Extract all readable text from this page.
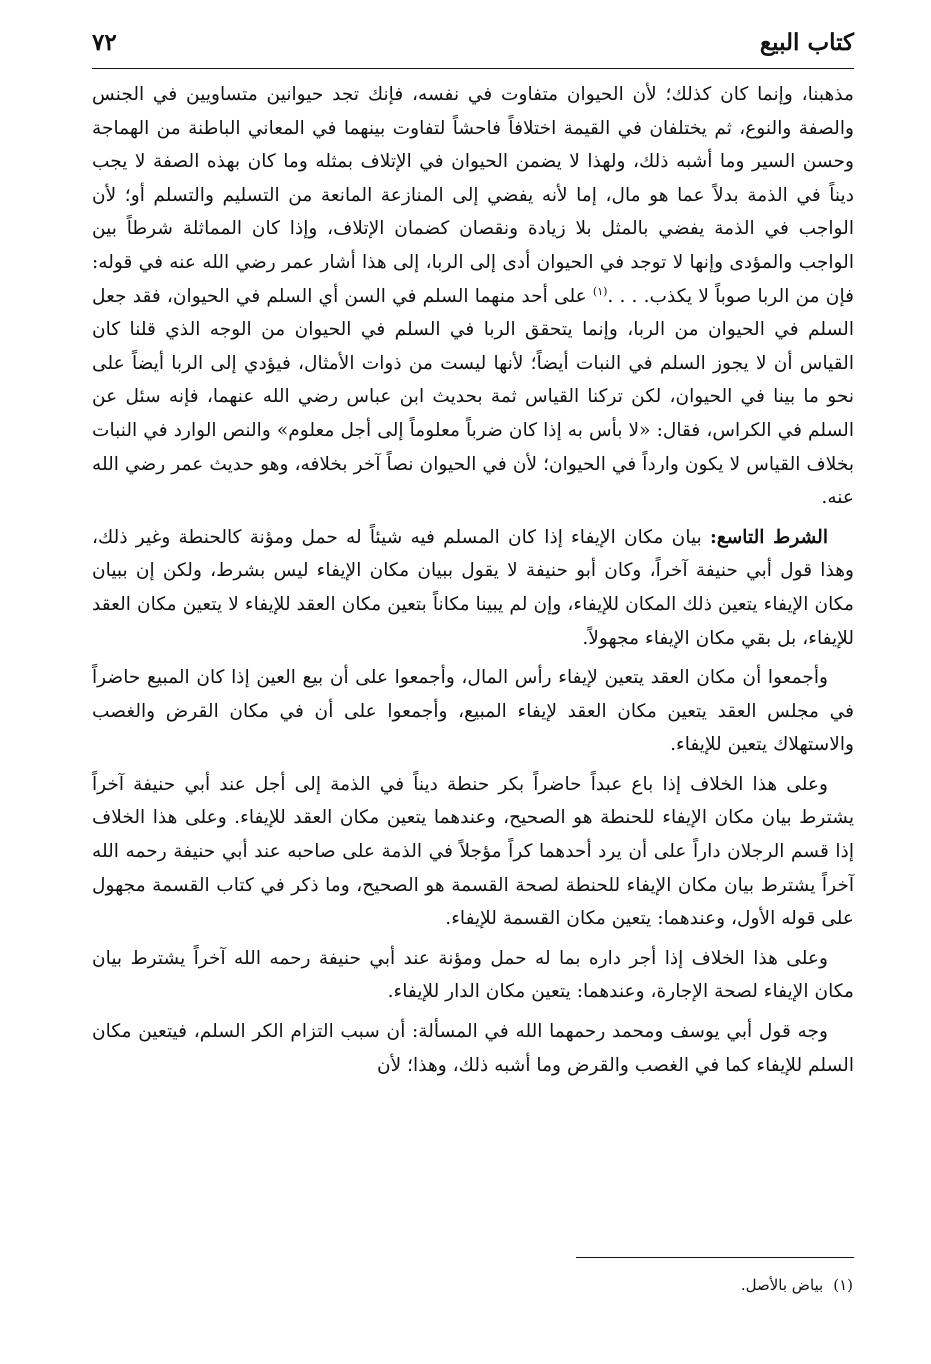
كتاب البيع
٧٢

مذهبنا، وإنما كان كذلك؛ لأن الحيوان متفاوت في نفسه، فإنك تجد حيوانين متساويين في الجنس والصفة والنوع، ثم يختلفان في القيمة اختلافاً فاحشاً لتفاوت بينهما في المعاني الباطنة من الهماجة وحسن السير وما أشبه ذلك، ولهذا لا يضمن الحيوان في الإتلاف بمثله وما كان بهذه الصفة لا يجب ديناً في الذمة بدلاً عما هو مال، إما لأنه يفضي إلى المنازعة المانعة من التسليم والتسلم أو؛ لأن الواجب في الذمة يفضي بالمثل بلا زيادة ونقصان كضمان الإتلاف، وإذا كان المماثلة شرطاً بين الواجب والمؤدى وإنها لا توجد في الحيوان أدى إلى الربا، إلى هذا أشار عمر رضي الله عنه في قوله: فإن من الربا صوباً لا يكذب. . . .$^{(١)}$ على أحد منهما السلم في السن أي السلم في الحيوان، فقد جعل السلم في الحيوان من الربا، وإنما يتحقق الربا في السلم في الحيوان من الوجه الذي قلنا كان القياس أن لا يجوز السلم في النبات أيضاً؛ لأنها ليست من ذوات الأمثال، فيؤدي إلى الربا أيضاً على نحو ما بينا في الحيوان، لكن تركنا القياس ثمة بحديث ابن عباس رضي الله عنهما، فإنه سئل عن السلم في الكراس، فقال: «لا بأس به إذا كان ضرباً معلوماً إلى أجل معلوم» والنص الوارد في النبات بخلاف القياس لا يكون وارداً في الحيوان؛ لأن في الحيوان نصاً آخر بخلافه، وهو حديث عمر رضي الله عنه.

الشرط التاسع: بيان مكان الإيفاء إذا كان المسلم فيه شيئاً له حمل ومؤنة كالحنطة وغير ذلك، وهذا قول أبي حنيفة آخراً، وكان أبو حنيفة لا يقول ببيان مكان الإيفاء ليس بشرط، ولكن إن ببيان مكان الإيفاء يتعين ذلك المكان للإيفاء، وإن لم يبينا مكاناً بتعين مكان العقد للإيفاء لا يتعين مكان العقد للإيفاء، بل بقي مكان الإيفاء مجهولاً.

وأجمعوا أن مكان العقد يتعين لإيفاء رأس المال، وأجمعوا على أن بيع العين إذا كان المبيع حاضراً في مجلس العقد يتعين مكان العقد لإيفاء المبيع، وأجمعوا على أن في مكان القرض والغصب والاستهلاك يتعين للإيفاء.

وعلى هذا الخلاف إذا باع عبداً حاضراً بكر حنطة ديناً في الذمة إلى أجل عند أبي حنيفة آخراً يشترط بيان مكان الإيفاء للحنطة هو الصحيح، وعندهما يتعين مكان العقد للإيفاء. وعلى هذا الخلاف إذا قسم الرجلان داراً على أن يرد أحدهما كراً مؤجلاً في الذمة على صاحبه عند أبي حنيفة رحمه الله آخراً يشترط بيان مكان الإيفاء للحنطة لصحة القسمة هو الصحيح، وما ذكر في كتاب القسمة مجهول على قوله الأول، وعندهما: يتعين مكان القسمة للإيفاء.

وعلى هذا الخلاف إذا أجر داره بما له حمل ومؤنة عند أبي حنيفة رحمه الله آخراً يشترط بيان مكان الإيفاء لصحة الإجارة، وعندهما: يتعين مكان الدار للإيفاء.

وجه قول أبي يوسف ومحمد رحمهما الله في المسألة: أن سبب التزام الكر السلم، فيتعين مكان السلم للإيفاء كما في الغصب والقرض وما أشبه ذلك، وهذا؛ لأن

(١)
بياض بالأصل.
